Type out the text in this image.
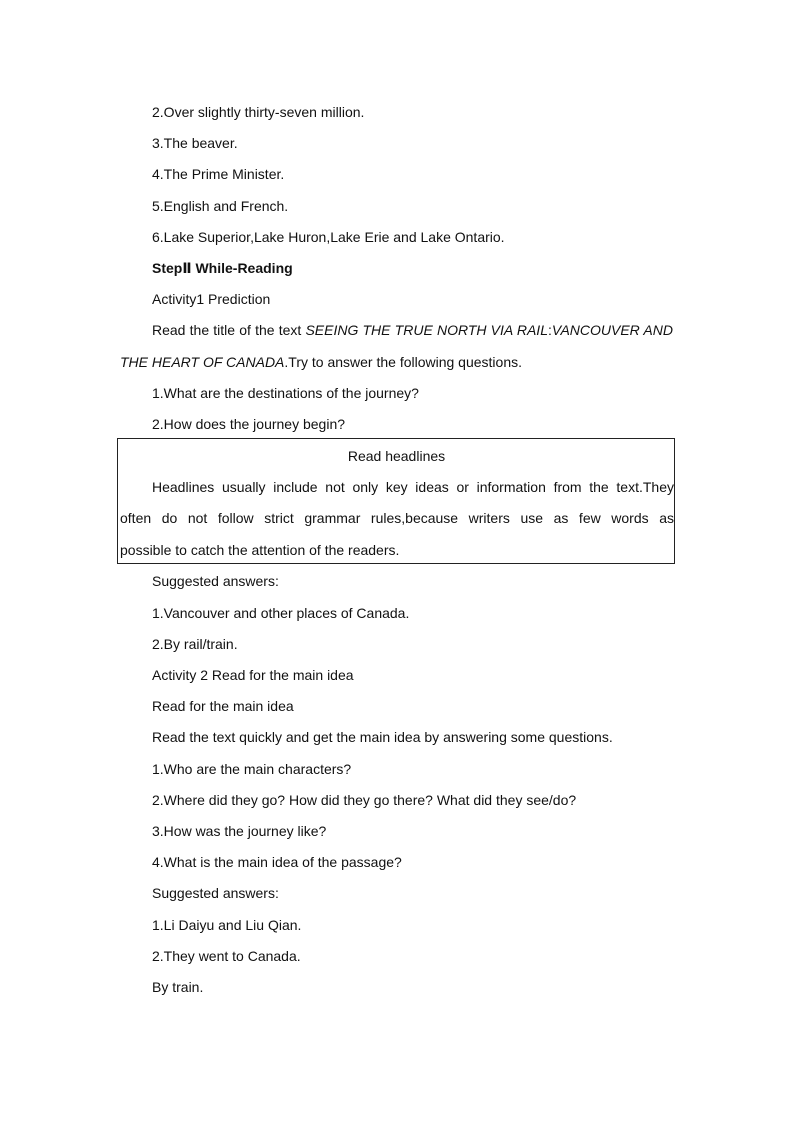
2.Over slightly thirty-seven million.
3.The beaver.
4.The Prime Minister.
5.English and French.
6.Lake Superior,Lake Huron,Lake Erie and Lake Ontario.
StepⅡ While-Reading
Activity1 Prediction
Read the title of the text SEEING THE TRUE NORTH VIA RAIL:VANCOUVER AND
THE HEART OF CANADA.Try to answer the following questions.
1.What are the destinations of the journey?
2.How does the journey begin?
Read headlines
Headlines usually include not only key ideas or information from the text.They
often do not follow strict grammar rules,because writers use as few words as
possible to catch the attention of the readers.
Suggested answers:
1.Vancouver and other places of Canada.
2.By rail/train.
Activity 2 Read for the main idea
Read for the main idea
Read the text quickly and get the main idea by answering some questions.
1.Who are the main characters?
2.Where did they go? How did they go there? What did they see/do?
3.How was the journey like?
4.What is the main idea of the passage?
Suggested answers:
1.Li Daiyu and Liu Qian.
2.They went to Canada.
By train.
